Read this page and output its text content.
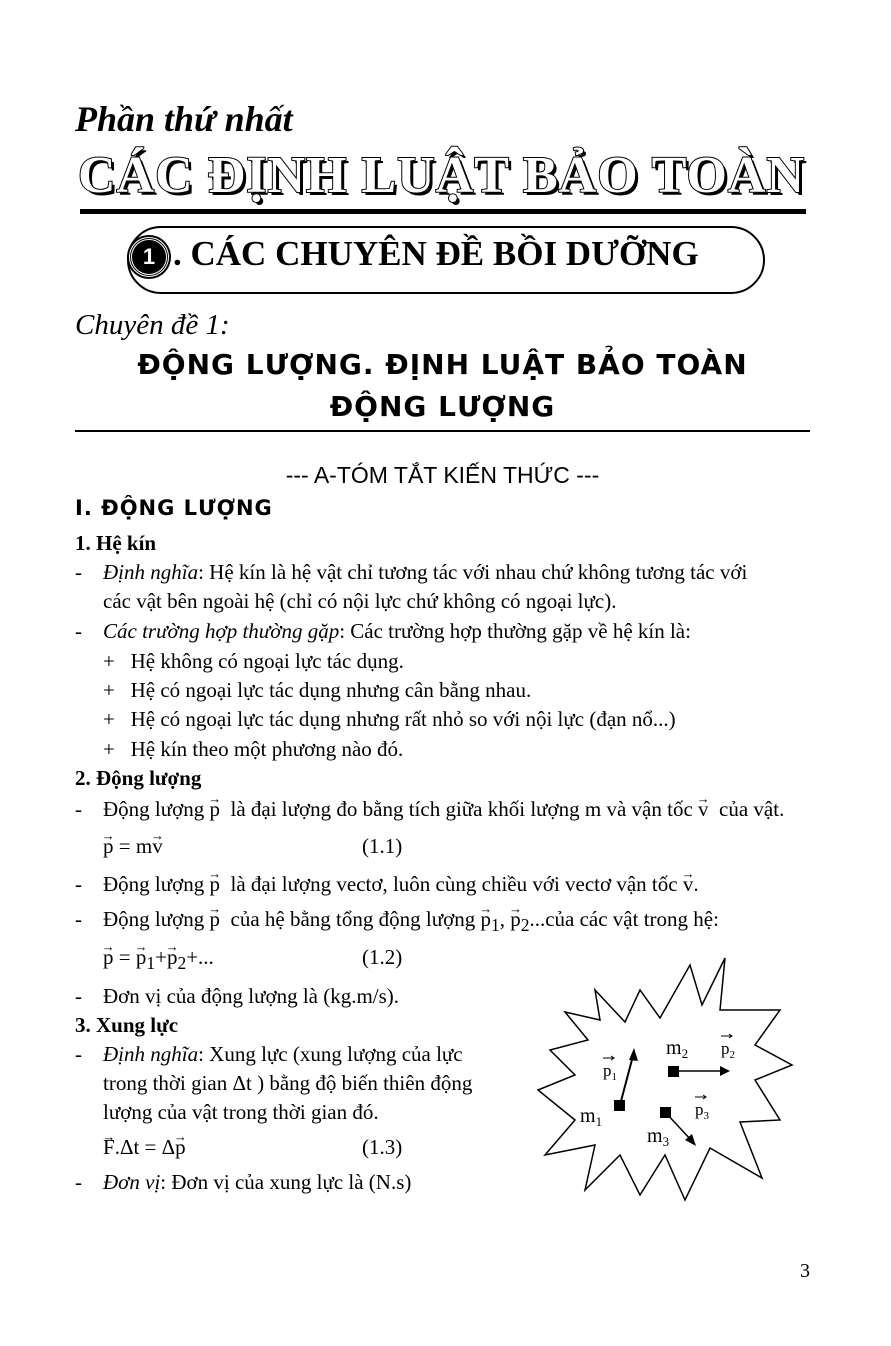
Phần thứ nhất
CÁC ĐỊNH LUẬT BẢO TOÀN
1 . CÁC CHUYÊN ĐỀ BỒI DƯỠNG
Chuyên đề 1:
ĐỘNG LƯỢNG. ĐỊNH LUẬT BẢO TOÀN
ĐỘNG LƯỢNG
--- A-TÓM TẮT KIẾN THỨC ---
I. ĐỘNG LƯỢNG
1. Hệ kín
- Định nghĩa: Hệ kín là hệ vật chỉ tương tác với nhau chứ không tương tác với
các vật bên ngoài hệ (chỉ có nội lực chứ không có ngoại lực).
- Các trường hợp thường gặp: Các trường hợp thường gặp về hệ kín là:
+   Hệ không có ngoại lực tác dụng.
+   Hệ có ngoại lực tác dụng nhưng cân bằng nhau.
+   Hệ có ngoại lực tác dụng nhưng rất nhỏ so với nội lực (đạn nổ...)
+   Hệ kín theo một phương nào đó.
2. Động lượng
- Động lượng → p là đại lượng đo bằng tích giữa khối lượng m và vận tốc → v của vật.
→ p = m→ v	(1.1)
- Động lượng → p là đại lượng vectơ, luôn cùng chiều với vectơ vận tốc → v.
- Động lượng → p của hệ bằng tổng động lượng → $p_1$, → $p_2...của$ các vật trong hệ:
→ p = → $p_1+\to p_2+$...	(1.2)
- Đơn vị của động lượng là (kg.m/s).
3. Xung lực
- Định nghĩa: Xung lực (xung lượng của lực
trong thời gian Δt ) bằng độ biến thiên động
lượng của vật trong thời gian đó.
→ F.Δt = Δ→ p	(1.3)
- Đơn vị: Đơn vị của xung lực là (N.s)
$m_1$
$m_2$
$m_3$
$p_1$
$p_2$
$p_3$
3
